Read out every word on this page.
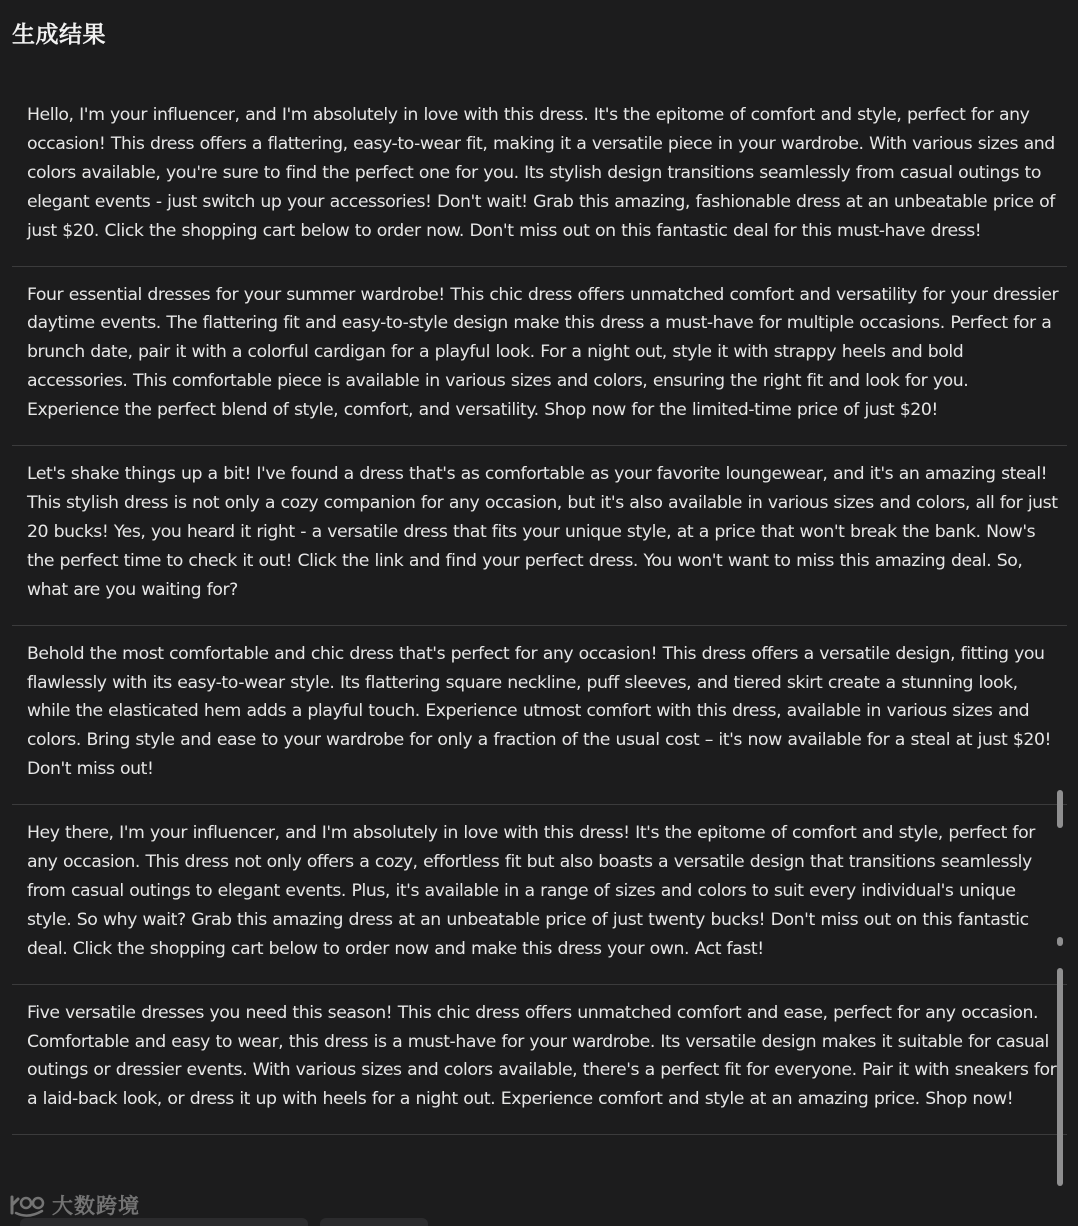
生成结果
Hello, I'm your influencer, and I'm absolutely in love with this dress. It's the epitome of comfort and style, perfect for any occasion! This dress offers a flattering, easy-to-wear fit, making it a versatile piece in your wardrobe. With various sizes and colors available, you're sure to find the perfect one for you. Its stylish design transitions seamlessly from casual outings to elegant events - just switch up your accessories! Don't wait! Grab this amazing, fashionable dress at an unbeatable price of just $20. Click the shopping cart below to order now. Don't miss out on this fantastic deal for this must-have dress!
Four essential dresses for your summer wardrobe! This chic dress offers unmatched comfort and versatility for your dressier daytime events. The flattering fit and easy-to-style design make this dress a must-have for multiple occasions. Perfect for a brunch date, pair it with a colorful cardigan for a playful look. For a night out, style it with strappy heels and bold accessories. This comfortable piece is available in various sizes and colors, ensuring the right fit and look for you. Experience the perfect blend of style, comfort, and versatility. Shop now for the limited-time price of just $20!
Let's shake things up a bit! I've found a dress that's as comfortable as your favorite loungewear, and it's an amazing steal! This stylish dress is not only a cozy companion for any occasion, but it's also available in various sizes and colors, all for just 20 bucks! Yes, you heard it right - a versatile dress that fits your unique style, at a price that won't break the bank. Now's the perfect time to check it out! Click the link and find your perfect dress. You won't want to miss this amazing deal. So, what are you waiting for?
Behold the most comfortable and chic dress that's perfect for any occasion! This dress offers a versatile design, fitting you flawlessly with its easy-to-wear style. Its flattering square neckline, puff sleeves, and tiered skirt create a stunning look, while the elasticated hem adds a playful touch. Experience utmost comfort with this dress, available in various sizes and colors. Bring style and ease to your wardrobe for only a fraction of the usual cost – it's now available for a steal at just $20! Don't miss out!
Hey there, I'm your influencer, and I'm absolutely in love with this dress! It's the epitome of comfort and style, perfect for any occasion. This dress not only offers a cozy, effortless fit but also boasts a versatile design that transitions seamlessly from casual outings to elegant events. Plus, it's available in a range of sizes and colors to suit every individual's unique style. So why wait? Grab this amazing dress at an unbeatable price of just twenty bucks! Don't miss out on this fantastic deal. Click the shopping cart below to order now and make this dress your own. Act fast!
Five versatile dresses you need this season! This chic dress offers unmatched comfort and ease, perfect for any occasion. Comfortable and easy to wear, this dress is a must-have for your wardrobe. Its versatile design makes it suitable for casual outings or dressier events. With various sizes and colors available, there's a perfect fit for everyone. Pair it with sneakers for a laid-back look, or dress it up with heels for a night out. Experience comfort and style at an amazing price. Shop now!
大数跨境
